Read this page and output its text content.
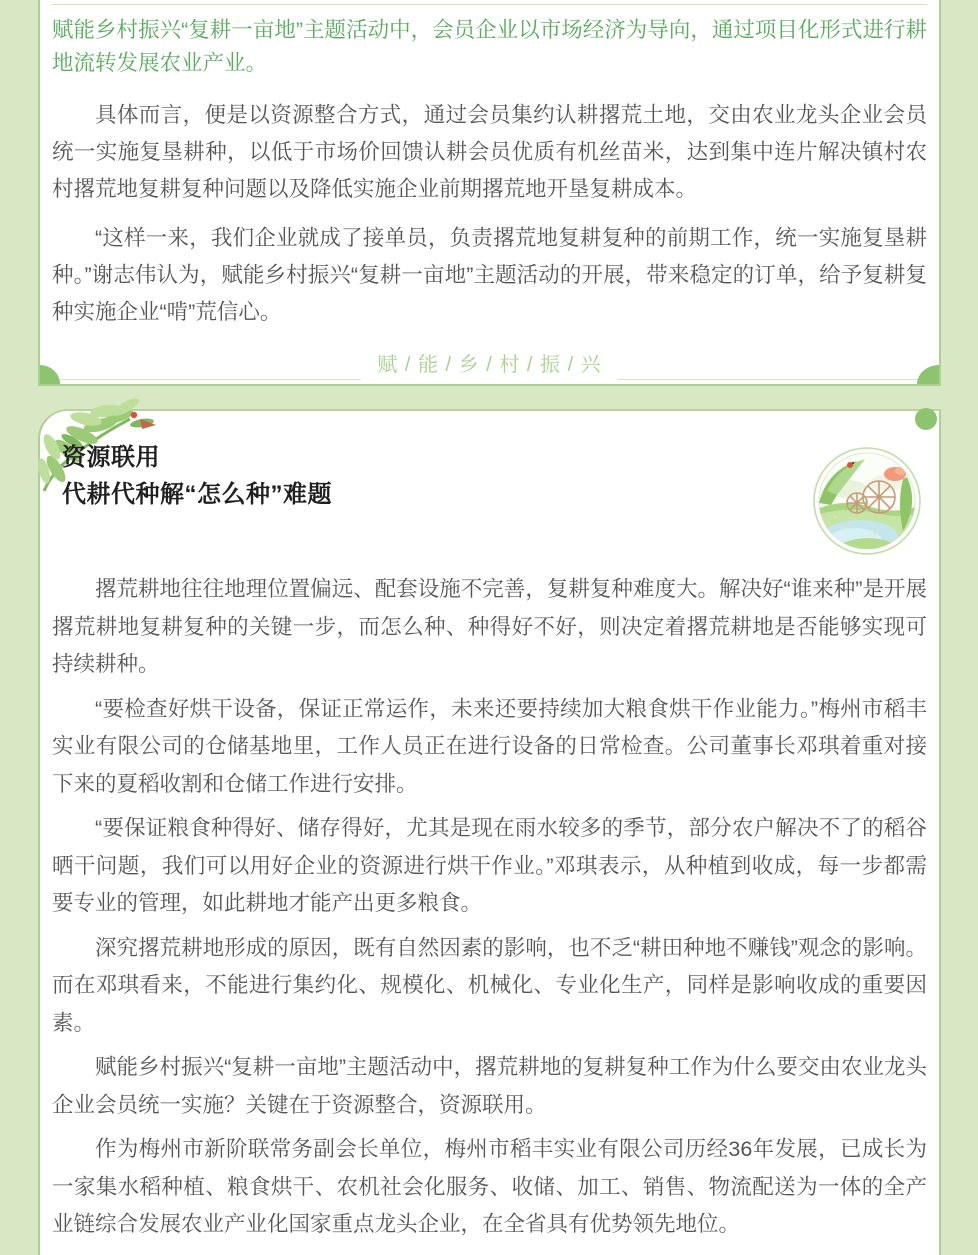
赋能乡村振兴“复耕一亩地”主题活动中，会员企业以市场经济为导向，通过项目化形式进行耕地流转发展农业产业。

具体而言，便是以资源整合方式，通过会员集约认耕撂荒土地，交由农业龙头企业会员统一实施复垦耕种，以低于市场价回馈认耕会员优质有机丝苗米，达到集中连片解决镇村农村撂荒地复耕复种问题以及降低实施企业前期撂荒地开垦复耕成本。

“这样一来，我们企业就成了接单员，负责撂荒地复耕复种的前期工作，统一实施复垦耕种。”谢志伟认为，赋能乡村振兴“复耕一亩地”主题活动的开展，带来稳定的订单，给予复耕复种实施企业“啃”荒信心。

赋 / 能 / 乡 / 村 / 振 / 兴
资源联用
代耕代种解“怎么种”难题

撂荒耕地往往地理位置偏远、配套设施不完善，复耕复种难度大。解决好“谁来种”是开展撂荒耕地复耕复种的关键一步，而怎么种、种得好不好，则决定着撂荒耕地是否能够实现可持续耕种。

“要检查好烘干设备，保证正常运作，未来还要持续加大粮食烘干作业能力。”梅州市稻丰实业有限公司的仓储基地里，工作人员正在进行设备的日常检查。公司董事长邓琪着重对接下来的夏稻收割和仓储工作进行安排。

“要保证粮食种得好、储存得好，尤其是现在雨水较多的季节，部分农户解决不了的稻谷晒干问题，我们可以用好企业的资源进行烘干作业。”邓琪表示，从种植到收成，每一步都需要专业的管理，如此耕地才能产出更多粮食。

深究撂荒耕地形成的原因，既有自然因素的影响，也不乏“耕田种地不赚钱”观念的影响。而在邓琪看来，不能进行集约化、规模化、机械化、专业化生产，同样是影响收成的重要因素。

赋能乡村振兴“复耕一亩地”主题活动中，撂荒耕地的复耕复种工作为什么要交由农业龙头企业会员统一实施？关键在于资源整合，资源联用。

作为梅州市新阶联常务副会长单位，梅州市稻丰实业有限公司历经36年发展，已成长为一家集水稻种植、粮食烘干、农机社会化服务、收储、加工、销售、物流配送为一体的全产业链综合发展农业产业化国家重点龙头企业，在全省具有优势领先地位。
